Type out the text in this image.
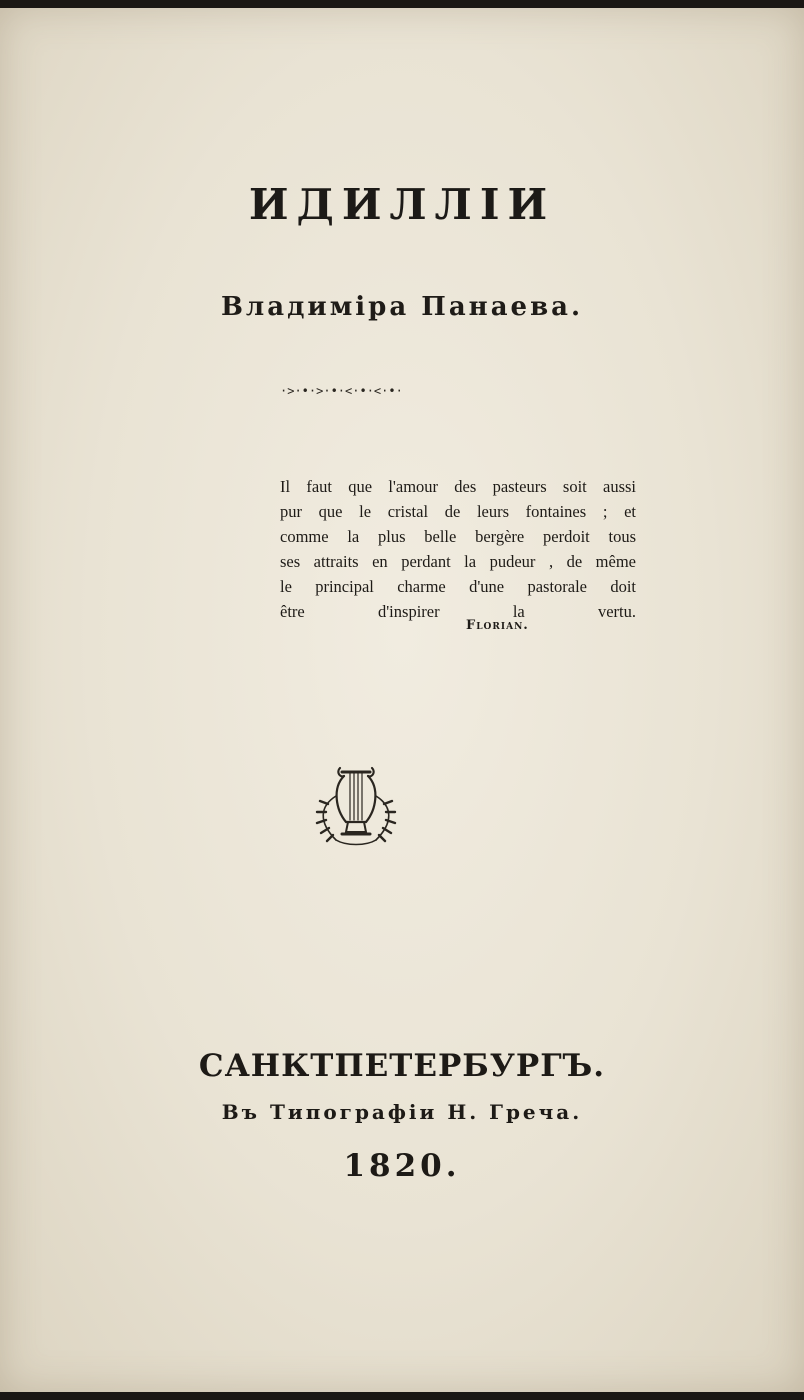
ИДИЛЛІИ
Владиміра Панаева.
·>·•·>·•·<·•·<·•·
Il faut que l'amour des pasteurs soit aussi
pur que le cristal de leurs fontaines ; et
comme la plus belle bergère perdoit tous
ses attraits en perdant la pudeur , de même
le principal charme d'une pastorale doit
être d'inspirer la vertu.
Florian.
САНКТПЕТЕРБУРГЪ.
Въ Типографіи Н. Греча.
1820.
